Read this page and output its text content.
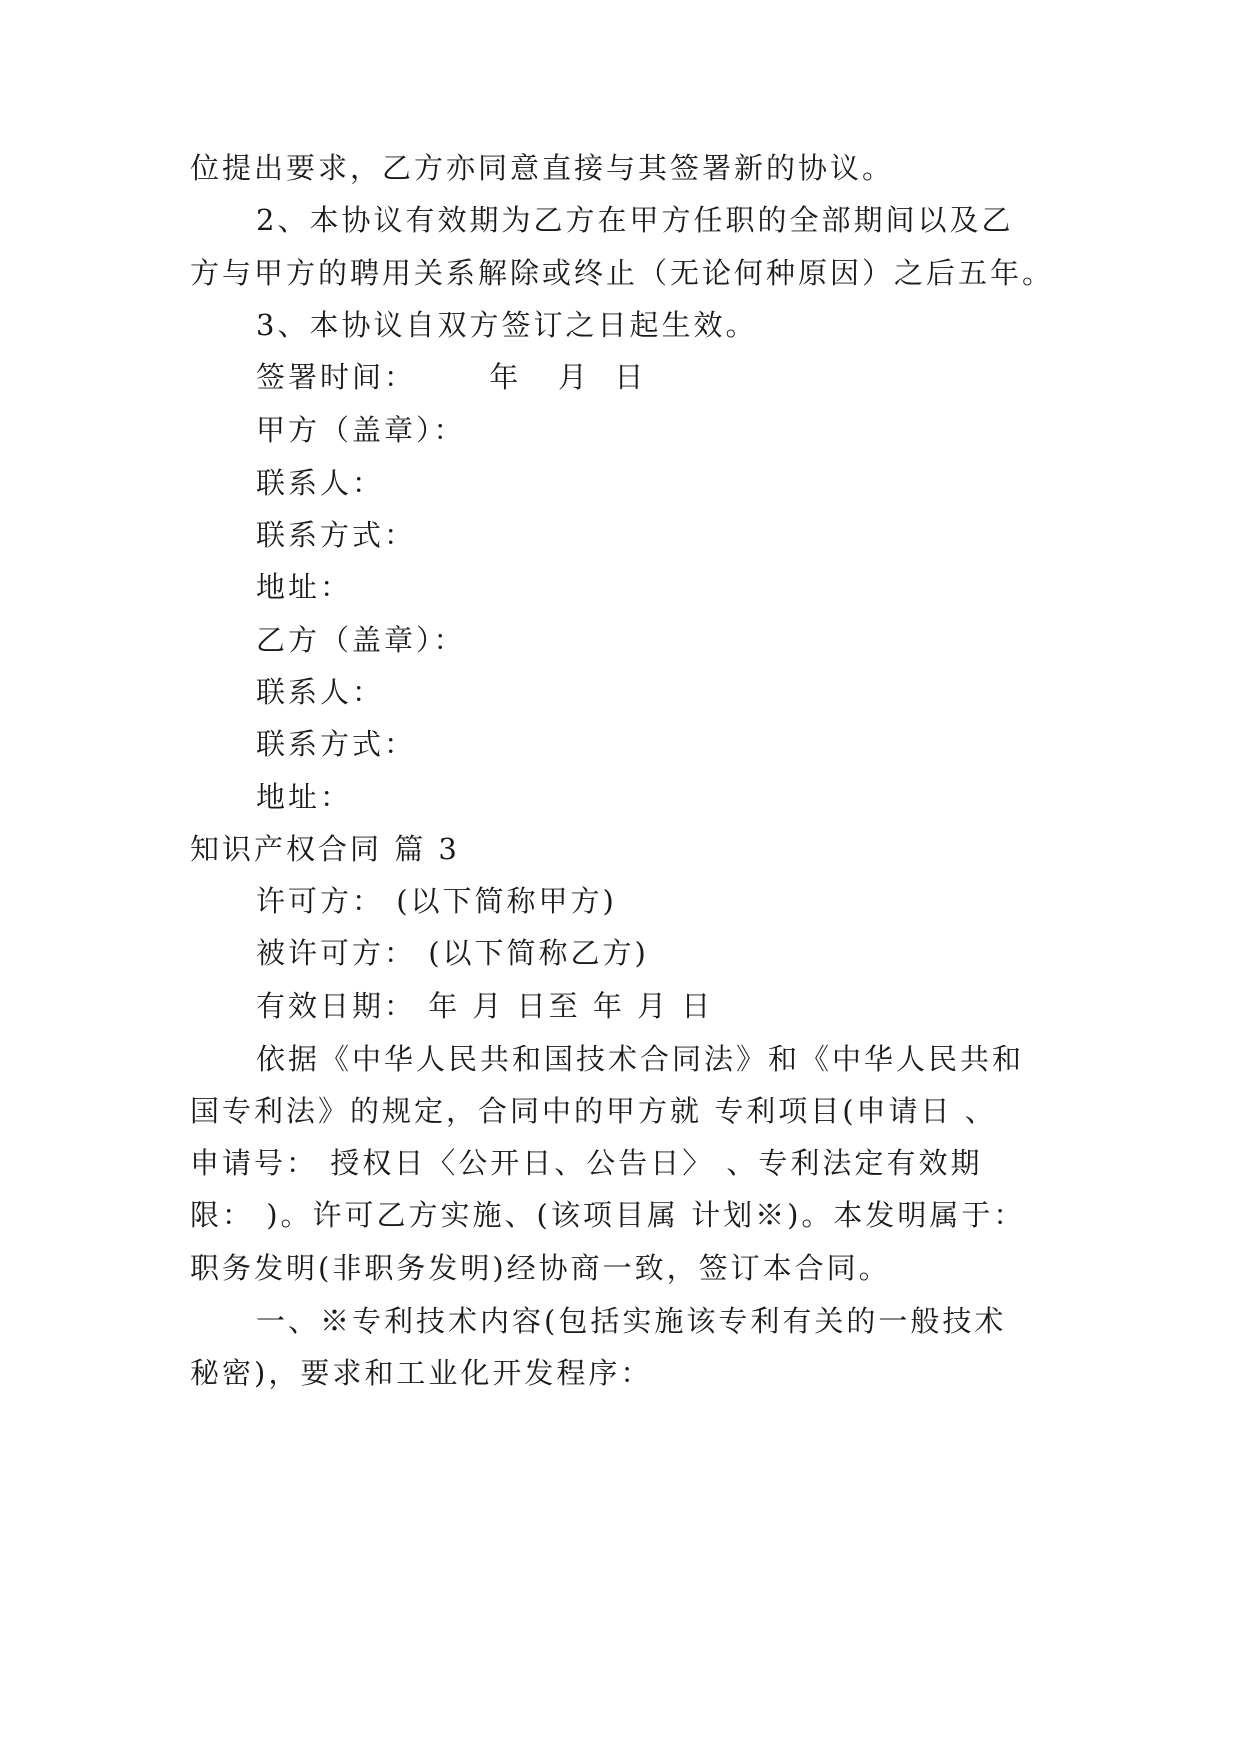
位提出要求，乙方亦同意直接与其签署新的协议。
2、本协议有效期为乙方在甲方任职的全部期间以及乙
方与甲方的聘用关系解除或终止（无论何种原因）之后五年。
3、本协议自双方签订之日起生效。
签署时间：      年   月  日
甲方（盖章）：
联系人：
联系方式：
地址：
乙方（盖章）：
联系人：
联系方式：
地址：
知识产权合同 篇 3
许可方： (以下简称甲方)
被许可方： (以下简称乙方)
有效日期： 年 月 日至 年 月 日
依据《中华人民共和国技术合同法》和《中华人民共和
国专利法》的规定，合同中的甲方就 专利项目(申请日 、
申请号： 授权日〈公开日、公告日〉 、专利法定有效期
限： )。许可乙方实施、(该项目属 计划※)。本发明属于：
职务发明(非职务发明)经协商一致，签订本合同。
一、※专利技术内容(包括实施该专利有关的一般技术
秘密)，要求和工业化开发程序：
